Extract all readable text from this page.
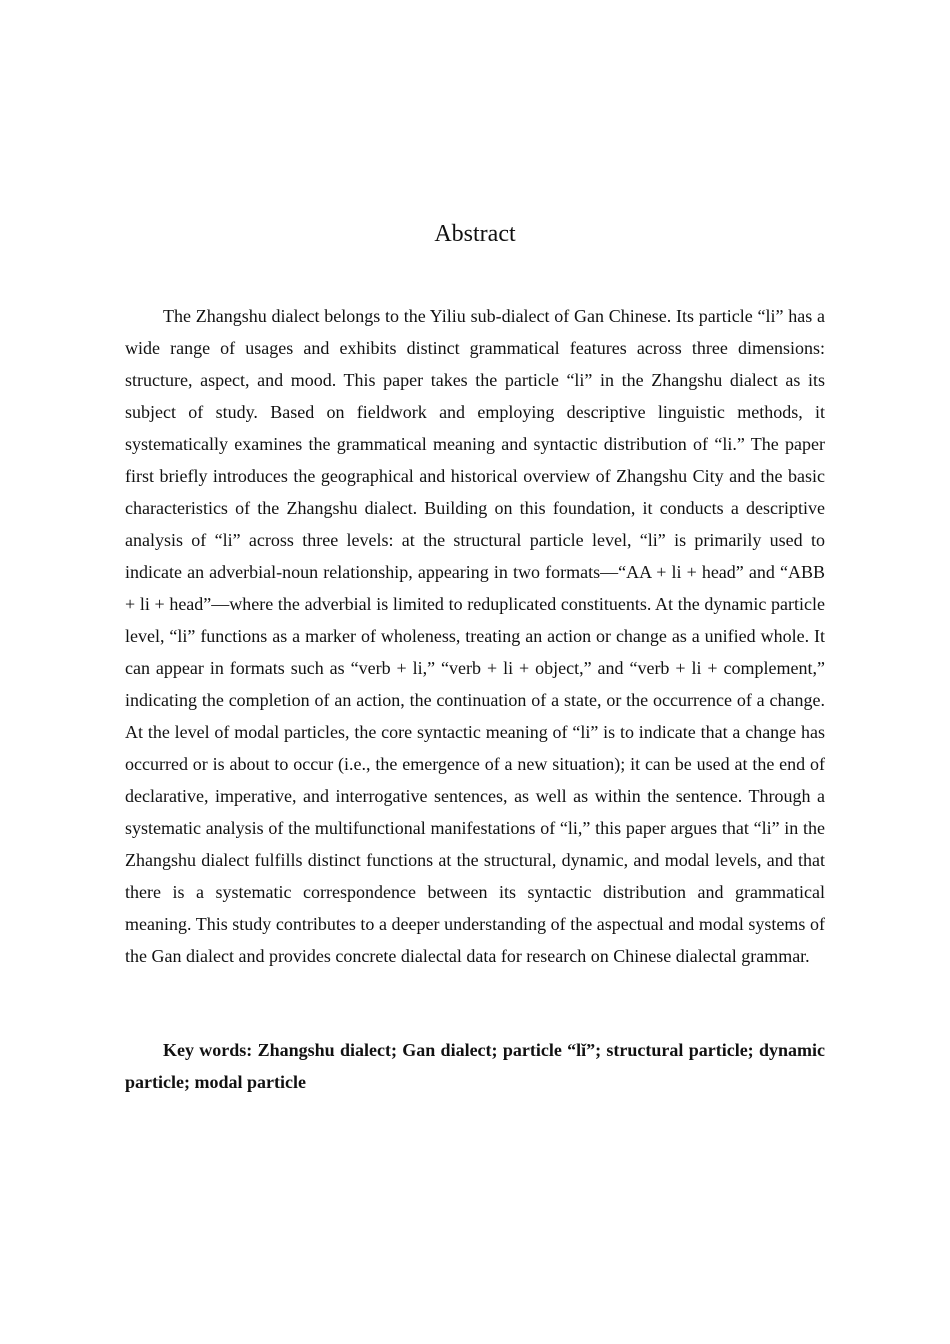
Abstract

The Zhangshu dialect belongs to the Yiliu sub-dialect of Gan Chinese. Its particle “li” has a wide range of usages and exhibits distinct grammatical features across three dimensions: structure, aspect, and mood. This paper takes the particle “li” in the Zhangshu dialect as its subject of study. Based on fieldwork and employing descriptive linguistic methods, it systematically examines the grammatical meaning and syntactic distribution of “li.” The paper first briefly introduces the geographical and historical overview of Zhangshu City and the basic characteristics of the Zhangshu dialect. Building on this foundation, it conducts a descriptive analysis of “li” across three levels: at the structural particle level, “li” is primarily used to indicate an adverbial-noun relationship, appearing in two formats—“AA + li + head” and “ABB + li + head”—where the adverbial is limited to reduplicated constituents. At the dynamic particle level, “li” functions as a marker of wholeness, treating an action or change as a unified whole. It can appear in formats such as “verb + li,” “verb + li + object,” and “verb + li + complement,” indicating the completion of an action, the continuation of a state, or the occurrence of a change. At the level of modal particles, the core syntactic meaning of “li” is to indicate that a change has occurred or is about to occur (i.e., the emergence of a new situation); it can be used at the end of declarative, imperative, and interrogative sentences, as well as within the sentence. Through a systematic analysis of the multifunctional manifestations of “li,” this paper argues that “li” in the Zhangshu dialect fulfills distinct functions at the structural, dynamic, and modal levels, and that there is a systematic correspondence between its syntactic distribution and grammatical meaning. This study contributes to a deeper understanding of the aspectual and modal systems of the Gan dialect and provides concrete dialectal data for research on Chinese dialectal grammar.

Key words: Zhangshu dialect; Gan dialect; particle “lǐ”; structural particle; dynamic particle; modal particle
